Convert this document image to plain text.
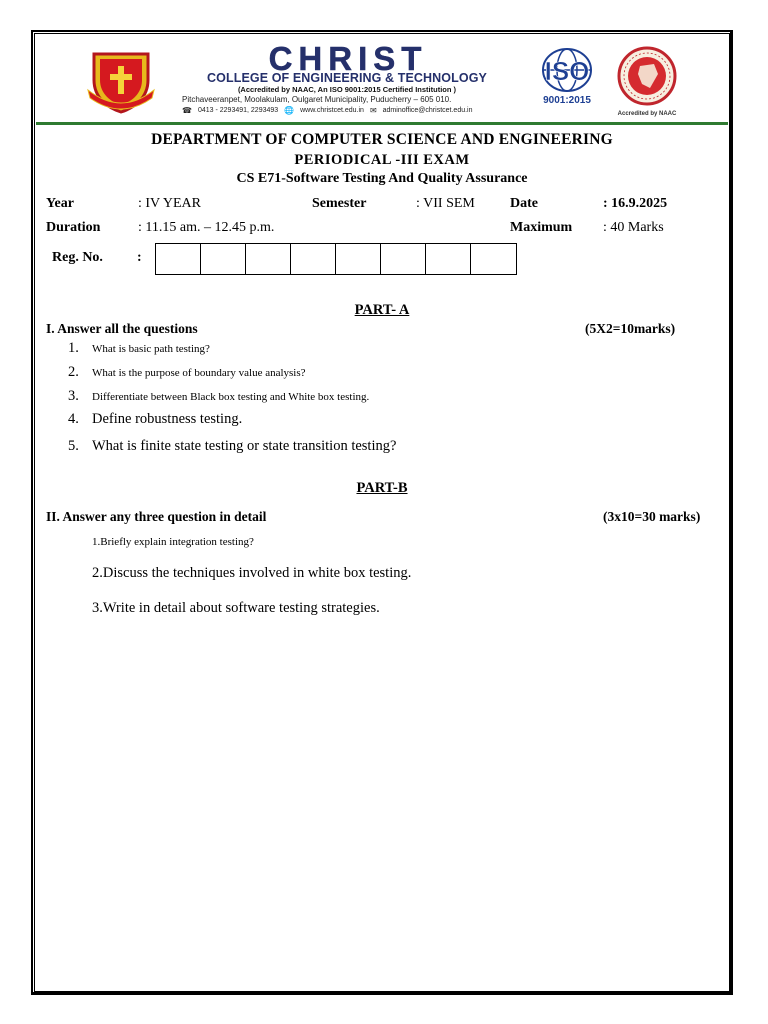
CHRIST
COLLEGE OF ENGINEERING & TECHNOLOGY
(Accredited by NAAC, An ISO 9001:2015 Certified Institution )
Pitchaveeranpet, Moolakulam, Oulgaret Municipality, Puducherry – 605 010.
☎ 0413 - 2293491, 2293493 🌐 www.christcet.edu.in ✉ adminoffice@christcet.edu.in
ISO
9001:2015
Accredited by NAAC
DEPARTMENT OF COMPUTER SCIENCE AND ENGINEERING
PERIODICAL -III EXAM
CS E71-Software Testing And Quality Assurance
Year	: IV YEAR	Semester	: VII SEM	Date	: 16.9.2025
Duration	: 11.15 am. – 12.45 p.m.	Maximum : 40 Marks
Reg. No. :
PART- A
I. Answer all the questions	(5X2=10marks)
1.	What is basic path testing?
2.	What is the purpose of boundary value analysis?
3.	Differentiate between Black box testing and White box testing.
4. Define robustness testing.
5. What is finite state testing or state transition testing?
PART-B
II. Answer any three question in detail	(3x10=30 marks)
1.Briefly explain integration testing?
2.Discuss the techniques involved in white box testing.
3.Write in detail about software testing strategies.
